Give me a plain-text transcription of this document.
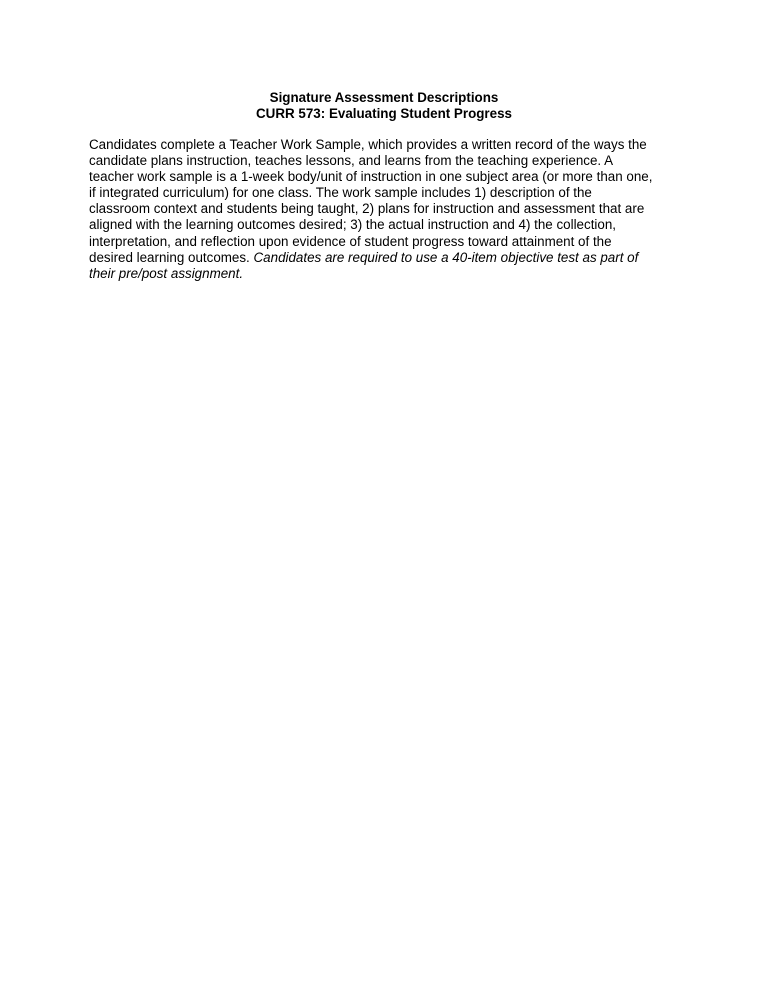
Signature Assessment Descriptions
CURR 573: Evaluating Student Progress
Candidates complete a Teacher Work Sample, which provides a written record of the ways the
candidate plans instruction, teaches lessons, and learns from the teaching experience. A
teacher work sample is a 1-week body/unit of instruction in one subject area (or more than one,
if integrated curriculum) for one class. The work sample includes 1) description of the
classroom context and students being taught, 2) plans for instruction and assessment that are
aligned with the learning outcomes desired; 3) the actual instruction and 4) the collection,
interpretation, and reflection upon evidence of student progress toward attainment of the
desired learning outcomes. Candidates are required to use a 40-item objective test as part of
their pre/post assignment.
